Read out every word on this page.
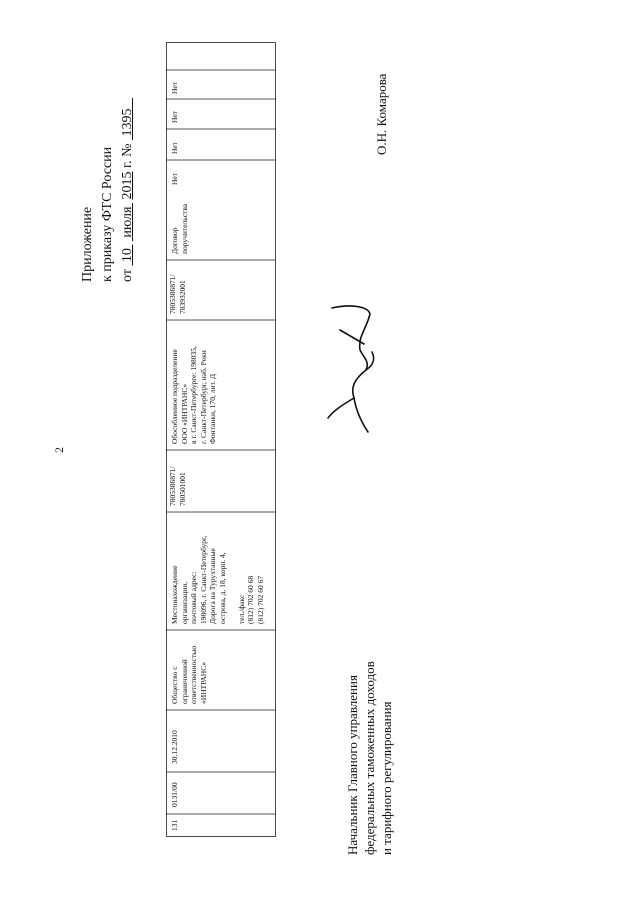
2
Приложение к приказу ФТС России от  10   июля  2015 г. №  1395
Нет
Нет
Нет
Нет
Договор поручительства
7805386871/ 783932001
Обособленное подразделение ООО «ИНТРАНС» в г. Санкт-Петербурге: 198035, г. Санкт-Петербург, наб. Реки Фонтанки, 170, лит. Д
7805386871/ 780501001
Местонахождение организации, почтовый адрес: 198096, г. Санкт-Петербург, Дорога на Турухтанные острова, д. 18, корп. 4,
тел./факс (812) 702 60 68 (812) 702 60 67
Общество с ограниченной ответственностью «ИНТРАНС»
30.12.2010
0131/00
131	Начальник Главного управления федеральных таможенных доходов и тарифного регулирования
О.Н. Комарова
